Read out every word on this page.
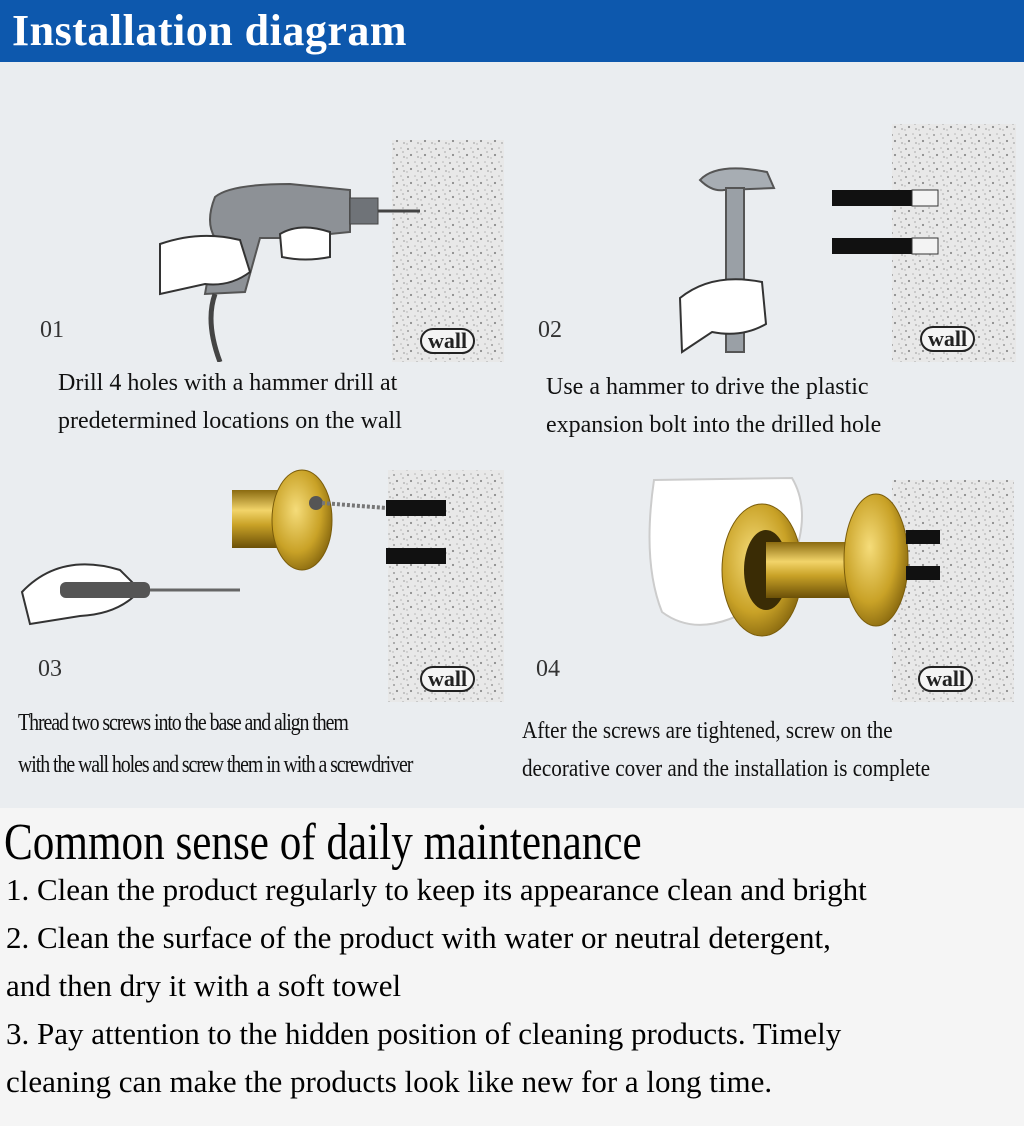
Installation diagram
01	wall
Drill 4 holes with a hammer drill at
predetermined locations on the wall
02	wall
Use a hammer to drive the plastic
expansion bolt into the drilled hole
03	wall
Thread two screws into the base and align them
with the wall holes and screw them in with a screwdriver
04	wall
After the screws are tightened, screw on the
decorative cover and the installation is complete
Common sense of daily maintenance
1. Clean the product regularly to keep its appearance clean and bright
2. Clean the surface of the product with water or neutral detergent,
and then dry it with a soft towel
3. Pay attention to the hidden position of cleaning products. Timely
cleaning can make the products look like new for a long time.
